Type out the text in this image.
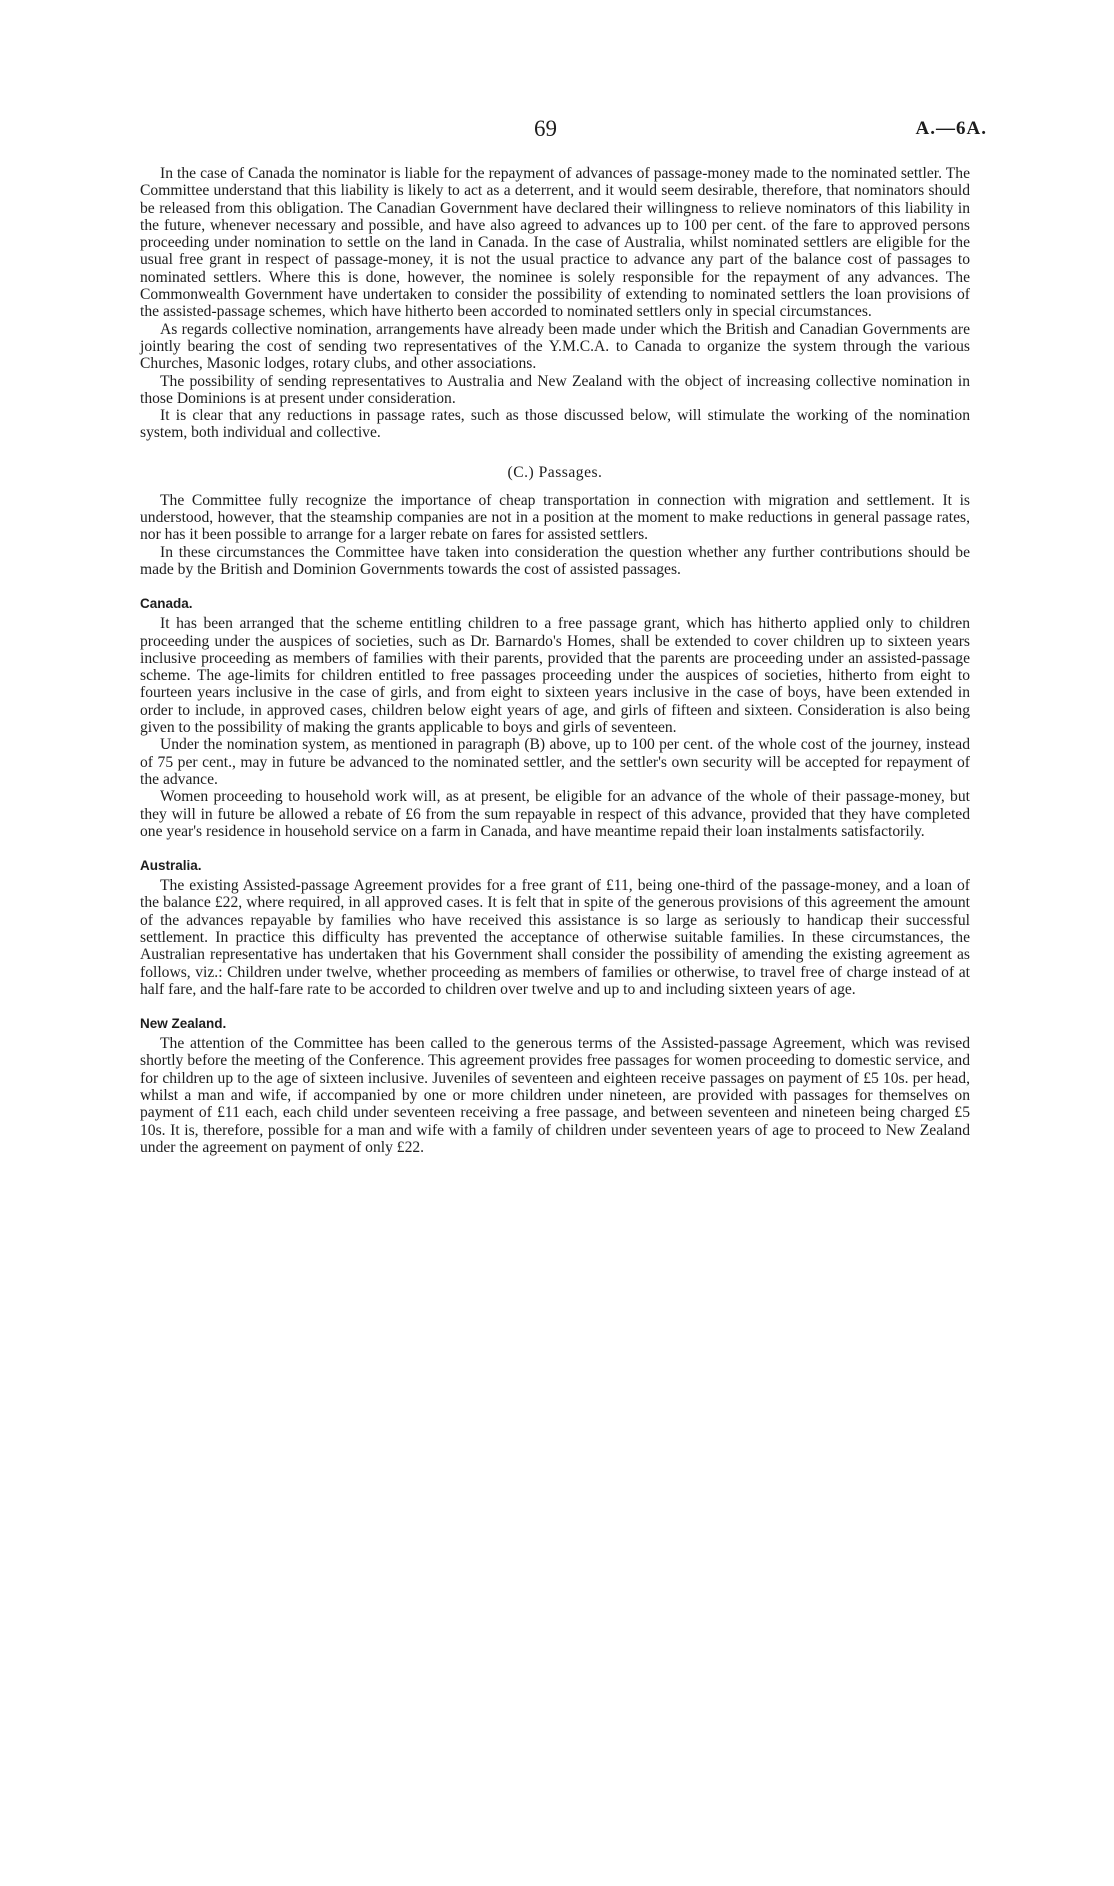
69	A.—6A.

In the case of Canada the nominator is liable for the repayment of advances of passage-money made to the nominated settler. The Committee understand that this liability is likely to act as a deterrent, and it would seem desirable, therefore, that nominators should be released from this obligation. The Canadian Government have declared their willingness to relieve nominators of this liability in the future, whenever necessary and possible, and have also agreed to advances up to 100 per cent. of the fare to approved persons proceeding under nomination to settle on the land in Canada. In the case of Australia, whilst nominated settlers are eligible for the usual free grant in respect of passage-money, it is not the usual practice to advance any part of the balance cost of passages to nominated settlers. Where this is done, however, the nominee is solely responsible for the repayment of any advances. The Commonwealth Government have undertaken to consider the possibility of extending to nominated settlers the loan provisions of the assisted-passage schemes, which have hitherto been accorded to nominated settlers only in special circumstances.

As regards collective nomination, arrangements have already been made under which the British and Canadian Governments are jointly bearing the cost of sending two representatives of the Y.M.C.A. to Canada to organize the system through the various Churches, Masonic lodges, rotary clubs, and other associations.

The possibility of sending representatives to Australia and New Zealand with the object of increasing collective nomination in those Dominions is at present under consideration.

It is clear that any reductions in passage rates, such as those discussed below, will stimulate the working of the nomination system, both individual and collective.

(C.) Passages.

The Committee fully recognize the importance of cheap transportation in connection with migration and settlement. It is understood, however, that the steamship companies are not in a position at the moment to make reductions in general passage rates, nor has it been possible to arrange for a larger rebate on fares for assisted settlers.

In these circumstances the Committee have taken into consideration the question whether any further contributions should be made by the British and Dominion Governments towards the cost of assisted passages.

Canada.

It has been arranged that the scheme entitling children to a free passage grant, which has hitherto applied only to children proceeding under the auspices of societies, such as Dr. Barnardo's Homes, shall be extended to cover children up to sixteen years inclusive proceeding as members of families with their parents, provided that the parents are proceeding under an assisted-passage scheme. The age-limits for children entitled to free passages proceeding under the auspices of societies, hitherto from eight to fourteen years inclusive in the case of girls, and from eight to sixteen years inclusive in the case of boys, have been extended in order to include, in approved cases, children below eight years of age, and girls of fifteen and sixteen. Consideration is also being given to the possibility of making the grants applicable to boys and girls of seventeen.

Under the nomination system, as mentioned in paragraph (B) above, up to 100 per cent. of the whole cost of the journey, instead of 75 per cent., may in future be advanced to the nominated settler, and the settler's own security will be accepted for repayment of the advance.

Women proceeding to household work will, as at present, be eligible for an advance of the whole of their passage-money, but they will in future be allowed a rebate of £6 from the sum repayable in respect of this advance, provided that they have completed one year's residence in household service on a farm in Canada, and have meantime repaid their loan instalments satisfactorily.

Australia.

The existing Assisted-passage Agreement provides for a free grant of £11, being one-third of the passage-money, and a loan of the balance £22, where required, in all approved cases. It is felt that in spite of the generous provisions of this agreement the amount of the advances repayable by families who have received this assistance is so large as seriously to handicap their successful settlement. In practice this difficulty has prevented the acceptance of otherwise suitable families. In these circumstances, the Australian representative has undertaken that his Government shall consider the possibility of amending the existing agreement as follows, viz.: Children under twelve, whether proceeding as members of families or otherwise, to travel free of charge instead of at half fare, and the half-fare rate to be accorded to children over twelve and up to and including sixteen years of age.

New Zealand.

The attention of the Committee has been called to the generous terms of the Assisted-passage Agreement, which was revised shortly before the meeting of the Conference. This agreement provides free passages for women proceeding to domestic service, and for children up to the age of sixteen inclusive. Juveniles of seventeen and eighteen receive passages on payment of £5 10s. per head, whilst a man and wife, if accompanied by one or more children under nineteen, are provided with passages for themselves on payment of £11 each, each child under seventeen receiving a free passage, and between seventeen and nineteen being charged £5 10s. It is, therefore, possible for a man and wife with a family of children under seventeen years of age to proceed to New Zealand under the agreement on payment of only £22.
